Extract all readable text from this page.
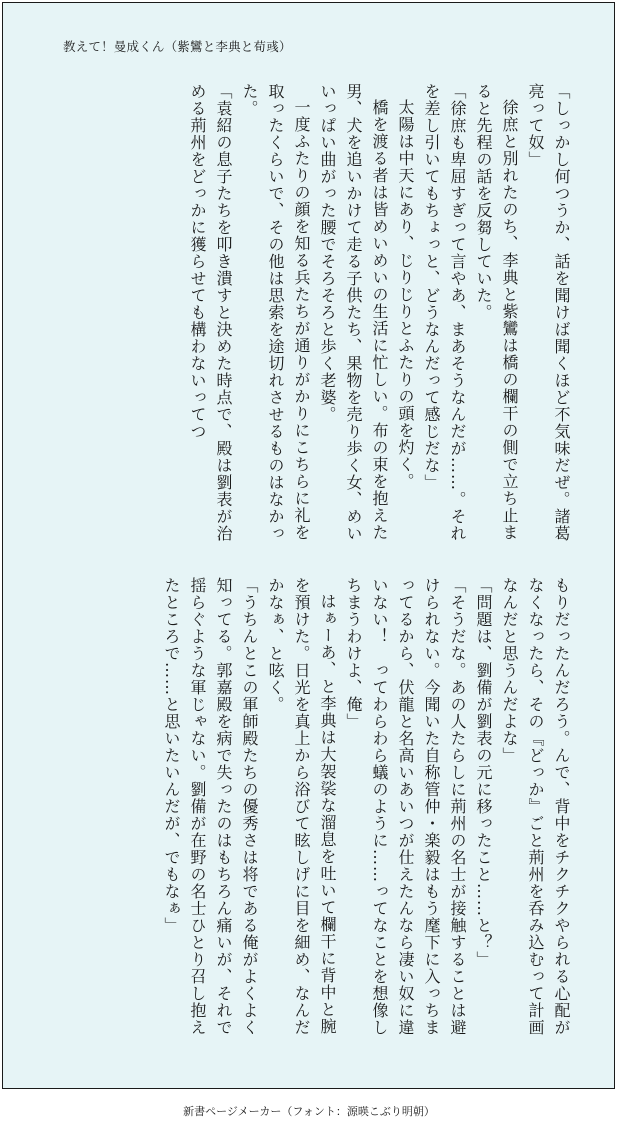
教えて！曼成くん（紫鸞と李典と荀彧）

「しっかし何つうか、話を聞けば聞くほど不気味だぜ。諸葛亮って奴」

徐庶と別れたのち、李典と紫鸞は橋の欄干の側で立ち止まると先程の話を反芻していた。

「徐庶も卑屈すぎって言やあ、まあそうなんだが……。それを差し引いてもちょっと、どうなんだって感じだな」

太陽は中天にあり、じりじりとふたりの頭を灼く。

橋を渡る者は皆めいめいの生活に忙しい。布の束を抱えた男、犬を追いかけて走る子供たち、果物を売り歩く女、めいいっぱい曲がった腰でそろそろと歩く老婆。

一度ふたりの顔を知る兵たちが通りがかりにこちらに礼を取ったくらいで、その他は思索を途切れさせるものはなかった。

「袁紹の息子たちを叩き潰すと決めた時点で、殿は劉表が治める荊州をどっかに獲らせても構わないってつ

もりだったんだろう。んで、背中をチクチクやられる心配がなくなったら、その『どっか』ごと荊州を呑み込むって計画なんだと思うんだよな」

「問題は、劉備が劉表の元に移ったこと……と？」

「そうだな。あの人たらしに荊州の名士が接触することは避けられない。今聞いた自称管仲・楽毅はもう麾下に入っちまってるから、伏龍と名高いあいつが仕えたんなら凄い奴に違いない！　ってわらわら蟻のように……ってなことを想像しちまうわけよ、俺」

はぁーあ、と李典は大袈裟な溜息を吐いて欄干に背中と腕を預けた。日光を真上から浴びて眩しげに目を細め、なんだかなぁ、と呟く。

「うちんとこの軍師殿たちの優秀さは将である俺がよくよく知ってる。郭嘉殿を病で失ったのはもちろん痛いが、それで揺らぐような軍じゃない。劉備が在野の名士ひとり召し抱えたところで……と思いたいんだが、でもなぁ」

新書ページメーカー（フォント：源暎こぶり明朝）
